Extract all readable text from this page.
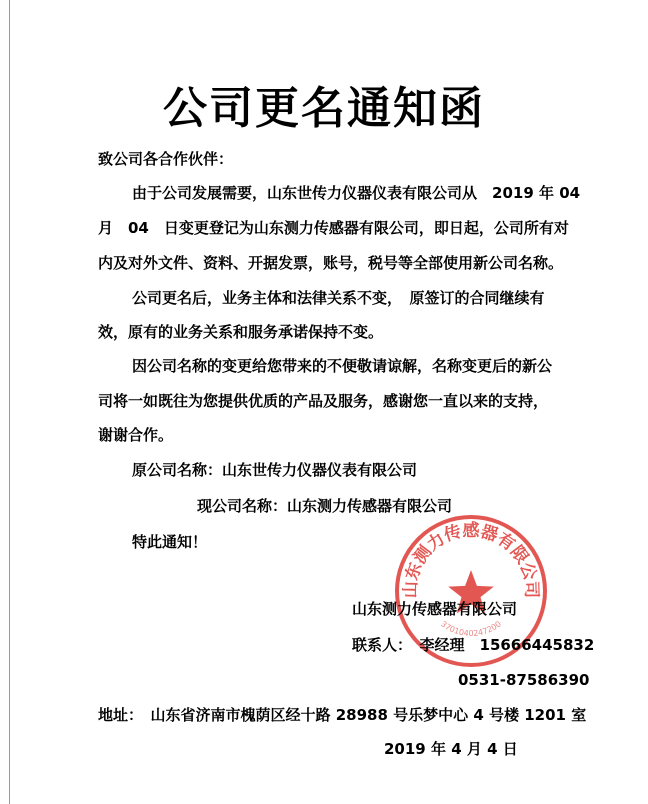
公司更名通知函
致公司各合作伙伴：
由于公司发展需要，山东世传力仪器仪表有限公司从　2019 年 04
月　04　日变更登记为山东测力传感器有限公司，即日起，公司所有对
内及对外文件、资料、开据发票，账号，税号等全部使用新公司名称。
公司更名后，业务主体和法律关系不变，　原签订的合同继续有
效，原有的业务关系和服务承诺保持不变。
因公司名称的变更给您带来的不便敬请谅解，名称变更后的新公
司将一如既往为您提供优质的产品及服务，感谢您一直以来的支持，
谢谢合作。
原公司名称：山东世传力仪器仪表有限公司
现公司名称：山东测力传感器有限公司
特此通知！
山东测力传感器有限公司
3701040247200
山东测力传感器有限公司
联系人：　李经理　15666445832
0531-87586390
地址：　山东省济南市槐荫区经十路 28988 号乐梦中心 4 号楼 1201 室
2019 年 4 月 4 日
